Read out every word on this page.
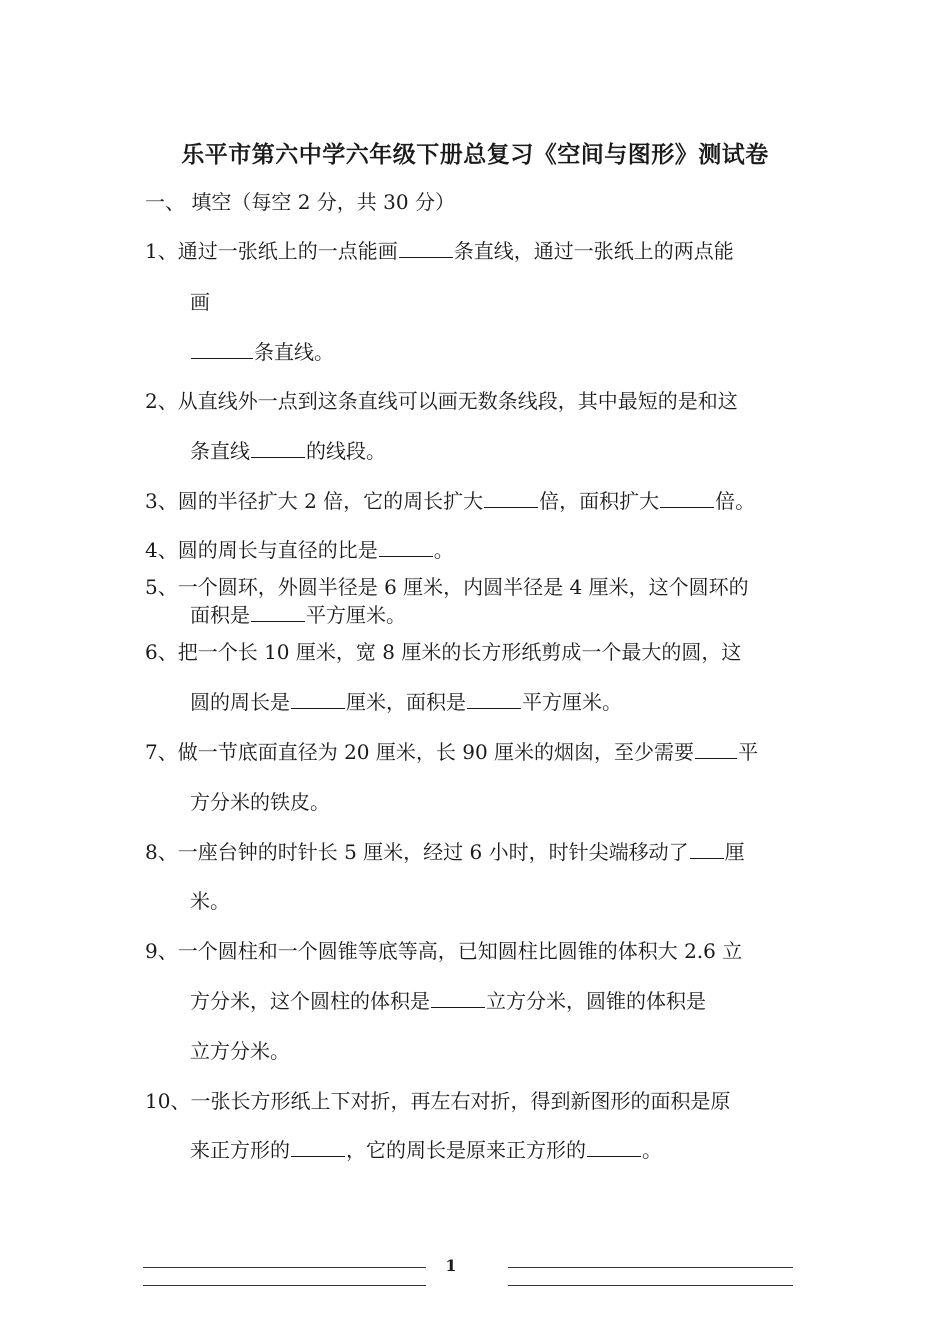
乐平市第六中学六年级下册总复习《空间与图形》测试卷
一、 填空（每空 2 分，共 30 分）
1、通过一张纸上的一点能画	条直线，通过一张纸上的两点能
画
条直线。
2、从直线外一点到这条直线可以画无数条线段，其中最短的是和这
条直线	的线段。
3、圆的半径扩大 2 倍，它的周长扩大	倍，面积扩大	倍。
4、圆的周长与直径的比是	。
5、一个圆环，外圆半径是 6 厘米，内圆半径是 4 厘米，这个圆环的
面积是	平方厘米。
6、把一个长 10 厘米，宽 8 厘米的长方形纸剪成一个最大的圆，这
圆的周长是	厘米，面积是	平方厘米。
7、做一节底面直径为 20 厘米，长 90 厘米的烟囱，至少需要 平
方分米的铁皮。
8、一座台钟的时针长 5 厘米，经过 6 小时，时针尖端移动了 厘
米。
9、一个圆柱和一个圆锥等底等高，已知圆柱比圆锥的体积大 2.6 立
方分米，这个圆柱的体积是	立方分米，圆锥的体积是
立方分米。
10、一张长方形纸上下对折，再左右对折，得到新图形的面积是原
来正方形的	，它的周长是原来正方形的	。
1
